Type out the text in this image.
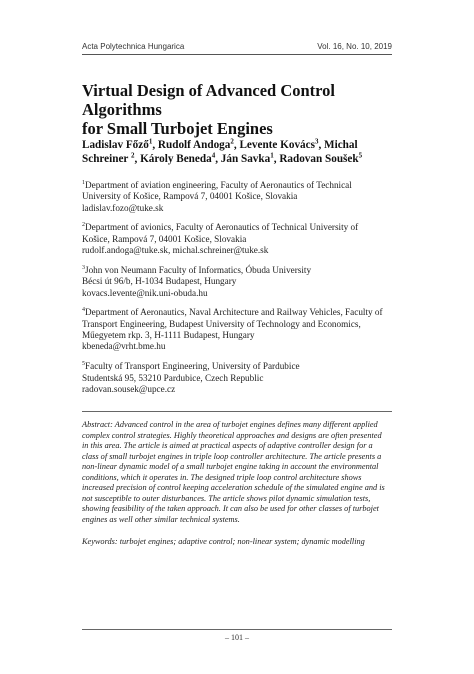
Acta Polytechnica Hungarica	Vol. 16, No. 10, 2019
Virtual Design of Advanced Control Algorithms
for Small Turbojet Engines
Ladislav Főző$^1$, Rudolf Andoga$^2$, Levente Kovács$^3$, Michal
Schreiner $^2$, Károly Beneda$^4$, Ján Savka$^1$, Radovan Soušek$^5$
$^1$Department of aviation engineering, Faculty of Aeronautics of Technical
University of Košice, Rampová 7, 04001 Košice, Slovakia
ladislav.fozo@tuke.sk
$^2$Department of avionics, Faculty of Aeronautics of Technical University of
Košice, Rampová 7, 04001 Košice, Slovakia
rudolf.andoga@tuke.sk, michal.schreiner@tuke.sk
$^3$John von Neumann Faculty of Informatics, Óbuda University
Bécsi út 96/b, H-1034 Budapest, Hungary
kovacs.levente@nik.uni-obuda.hu
$^4$Department of Aeronautics, Naval Architecture and Railway Vehicles, Faculty of
Transport Engineering, Budapest University of Technology and Economics,
Műegyetem rkp. 3, H-1111 Budapest, Hungary
kbeneda@vrht.bme.hu
$^5$Faculty of Transport Engineering, University of Pardubice
Studentská 95, 53210 Pardubice, Czech Republic
radovan.sousek@upce.cz
Abstract: Advanced control in the area of turbojet engines defines many different applied
complex control strategies. Highly theoretical approaches and designs are often presented
in this area. The article is aimed at practical aspects of adaptive controller design for a
class of small turbojet engines in triple loop controller architecture. The article presents a
non-linear dynamic model of a small turbojet engine taking in account the environmental
conditions, which it operates in. The designed triple loop control architecture shows
increased precision of control keeping acceleration schedule of the simulated engine and is
not susceptible to outer disturbances. The article shows pilot dynamic simulation tests,
showing feasibility of the taken approach. It can also be used for other classes of turbojet
engines as well other similar technical systems.
Keywords: turbojet engines; adaptive control; non-linear system; dynamic modelling
– 101 –
